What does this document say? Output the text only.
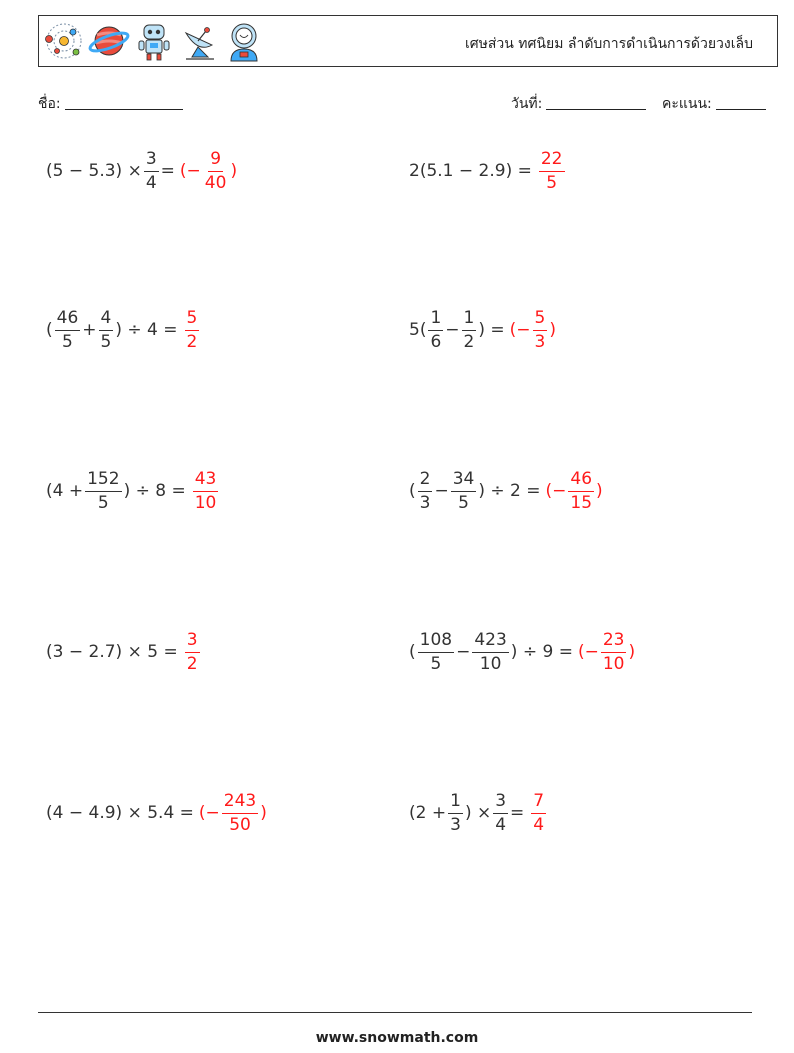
เศษส่วน ทศนิยม ลำดับการดำเนินการด้วยวงเล็บ
ชื่อ:	วันที่:	คะแนน:
$(5 - 5.3) \times \frac{3}{4}$ = (− $\frac{9}{40}$ )	$2(5.1 - 2.9) = \frac{22}{5}$
( $\frac{46}{5} + \frac{4}{5}$ ) ÷ $4 = \frac{5}{2}$	$5( \frac{1}{6} - \frac{1}{2}$ ) = (− $\frac{5}{3}$ )
($4 + \frac{152}{5}$ ) ÷ $8 = \frac{43}{10}$	( $\frac{2}{3} - \frac{34}{5}$ ) ÷ 2 = (− $\frac{46}{15}$ )
$(3 - 2.7) \times 5 = \frac{3}{2}$	( $\frac{108}{5} - \frac{423}{10}$ ) ÷ 9 = (− $\frac{23}{10}$ )
(4 − 4.9) × 5.4 = (− $\frac{243}{50}$ )	($2 + \frac{1}{3}$ ) × $\frac{3}{4} = \frac{7}{4}$
www.snowmath.com
